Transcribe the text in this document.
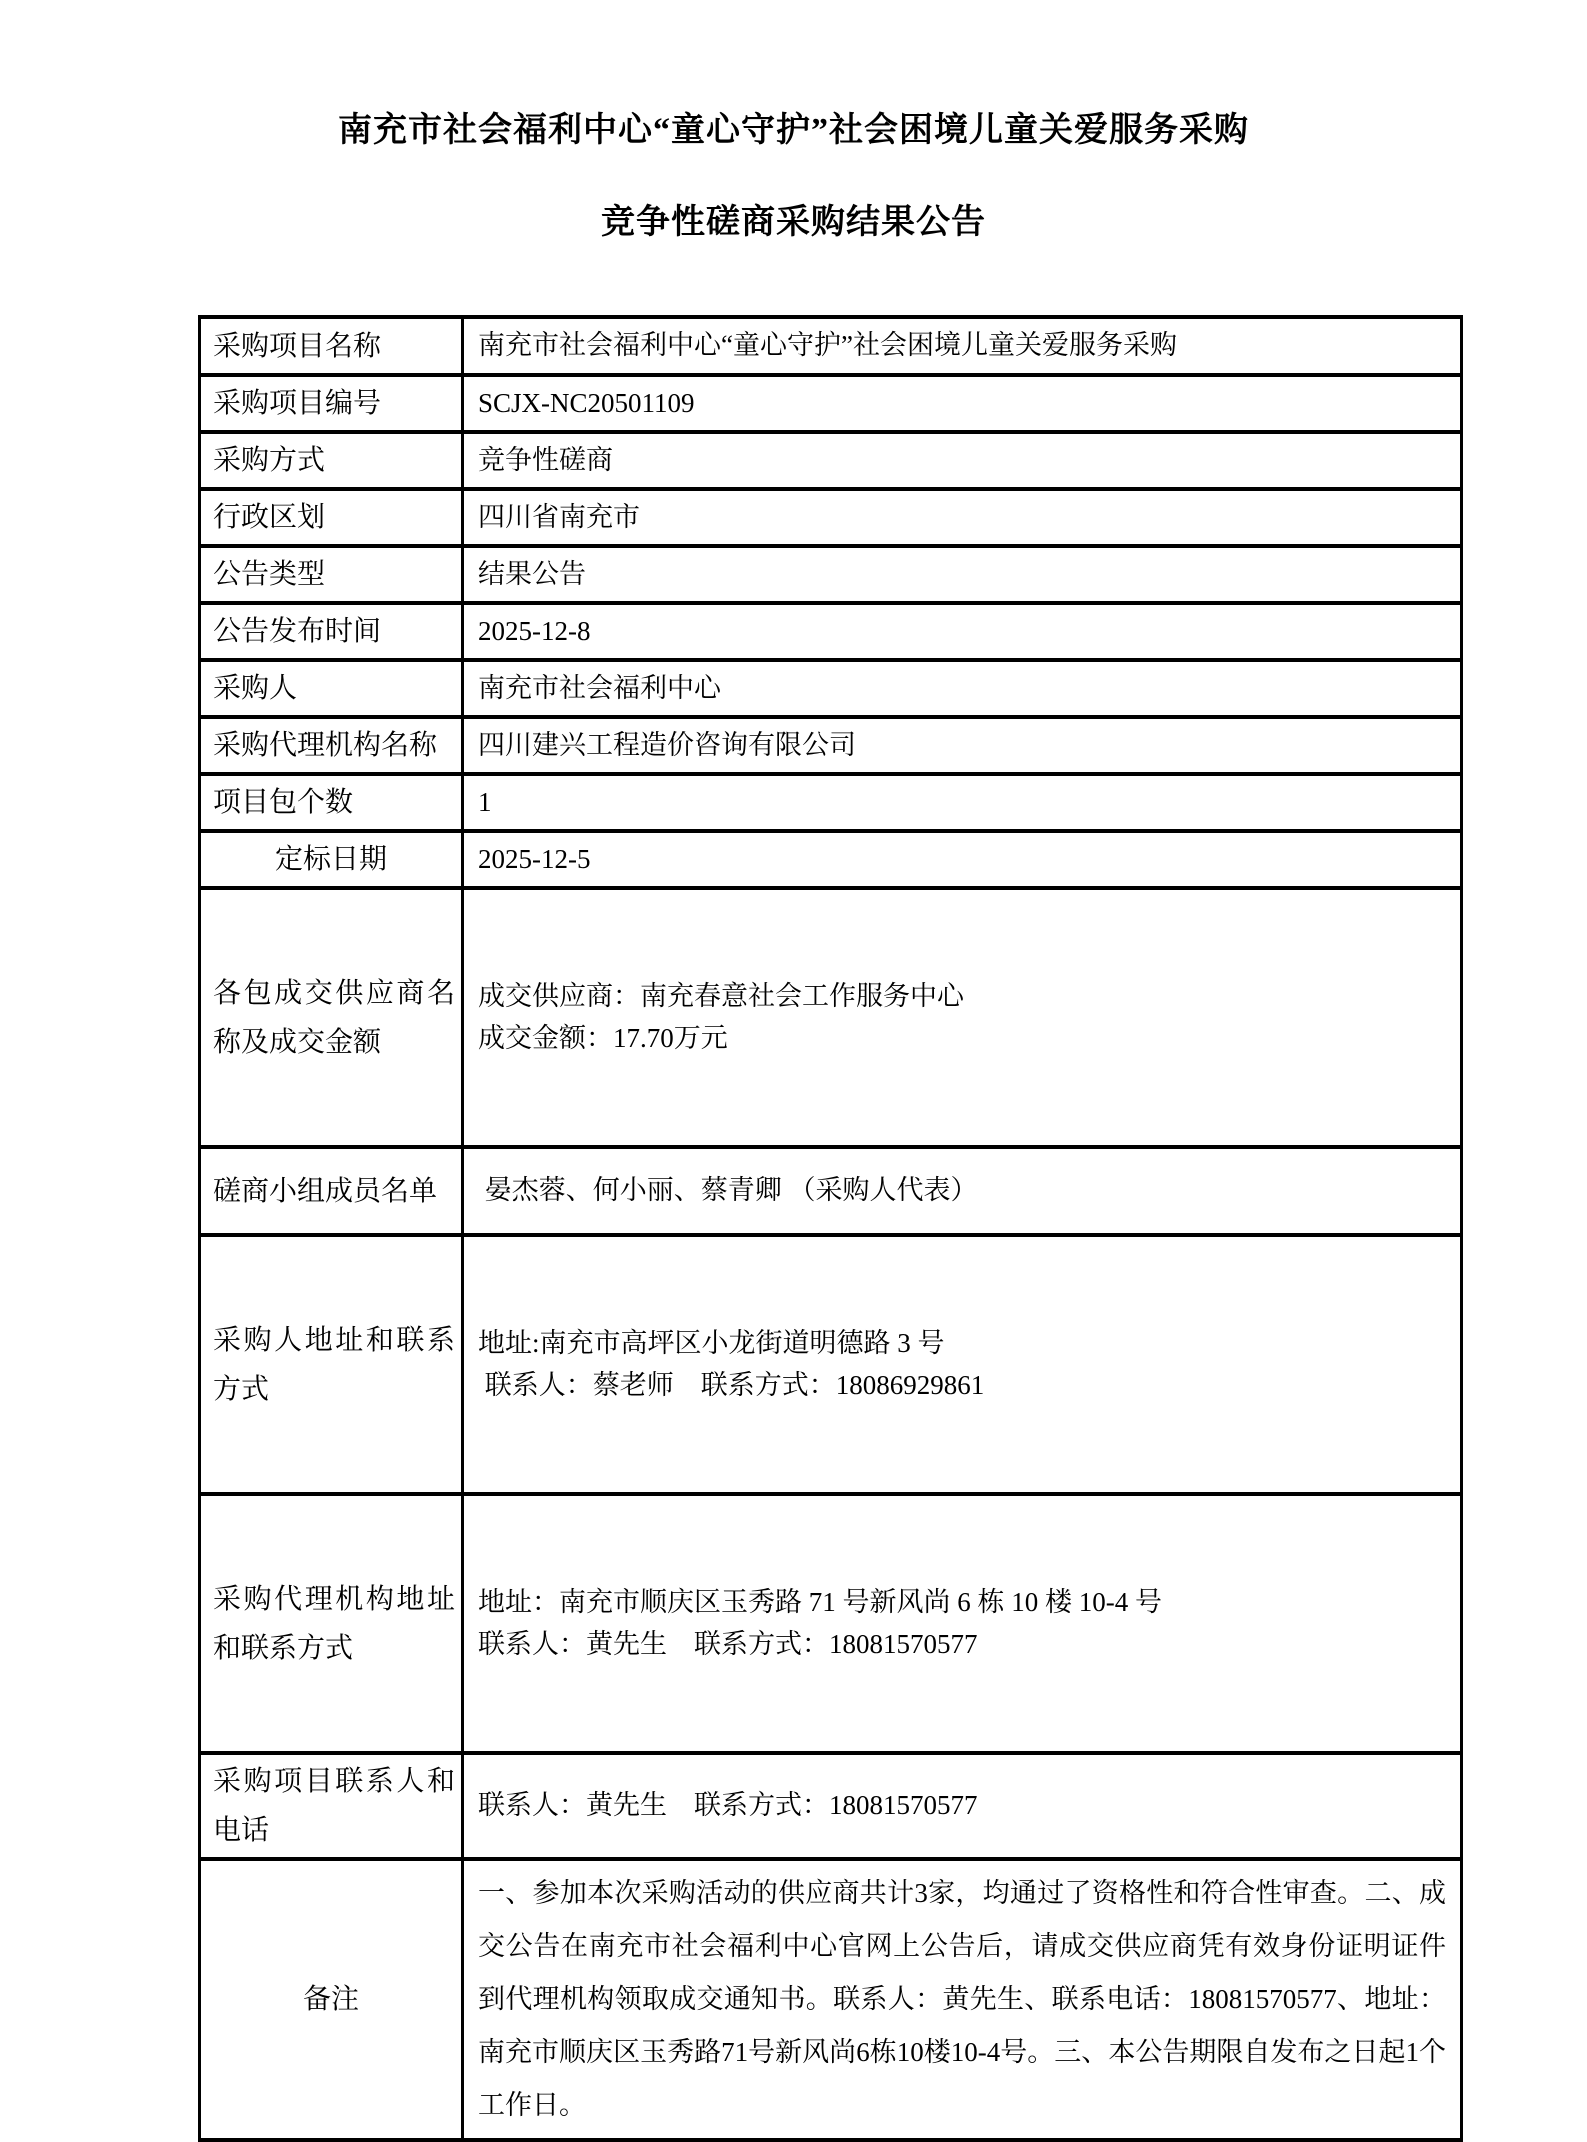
南充市社会福利中心“童心守护”社会困境儿童关爱服务采购
竞争性磋商采购结果公告
采购项目名称	南充市社会福利中心“童心守护”社会困境儿童关爱服务采购
采购项目编号	SCJX-NC20501109
采购方式	竞争性磋商
行政区划	四川省南充市
公告类型	结果公告
公告发布时间	2025-12-8
采购人	南充市社会福利中心
采购代理机构名称	四川建兴工程造价咨询有限公司
项目包个数	1
定标日期	2025-12-5
各包成交供应商名称及成交金额	成交供应商：南充春意社会工作服务中心
成交金额：17.70万元

磋商小组成员名单	晏杰蓉、何小丽、蔡青卿 （采购人代表）
采购人地址和联系方式	地址:南充市高坪区小龙街道明德路 3 号
联系人：蔡老师　联系方式：18086929861

采购代理机构地址和联系方式	地址：南充市顺庆区玉秀路 71 号新风尚 6 栋 10 楼 10-4 号
联系人：黄先生　联系方式：18081570577

采购项目联系人和电话	联系人：黄先生　联系方式：18081570577
备注	一、参加本次采购活动的供应商共计3家，均通过了资格性和符合性审查。二、成交公告在南充市社会福利中心官网上公告后，请成交供应商凭有效身份证明证件到代理机构领取成交通知书。联系人：黄先生、联系电话：18081570577、地址：南充市顺庆区玉秀路71号新风尚6栋10楼10-4号。三、本公告期限自发布之日起1个工作日。
